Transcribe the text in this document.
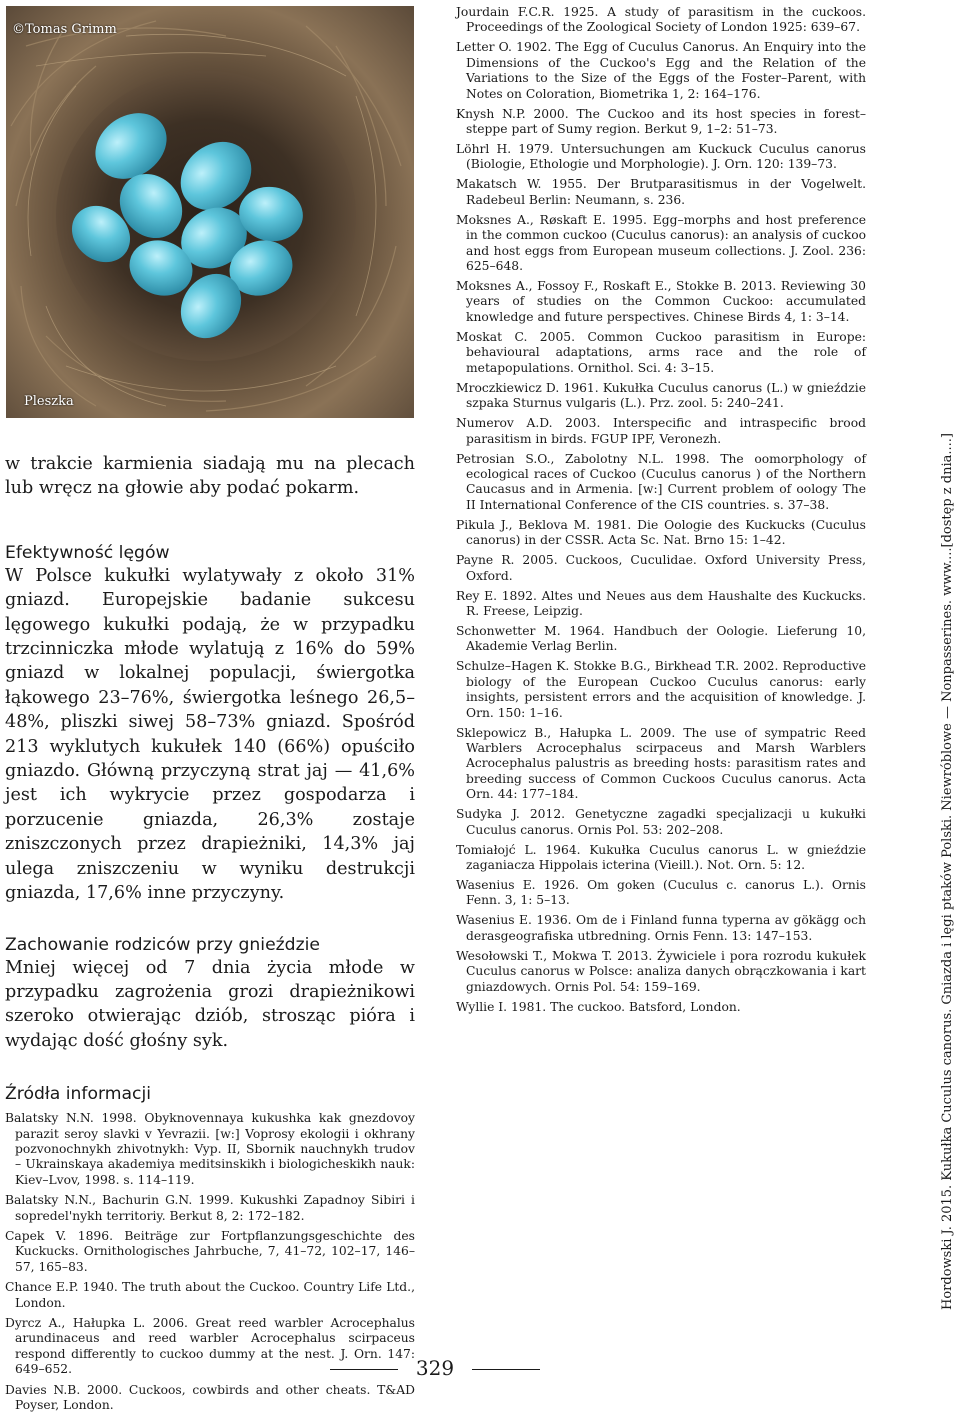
©Tomas Grimm
Pleszka

w trakcie karmienia siadają mu na plecach lub wręcz na głowie aby podać pokarm.

Efektywność lęgów

W Polsce kukułki wylatywały z około 31% gniazd. Europejskie badanie sukcesu lęgowego kukułki podają, że w przypadku trzcinniczka młode wylatują z 16% do 59% gniazd w lokalnej populacji, świergotka łąkowego 23–76%, świergotka leśnego 26,5–48%, pliszki siwej 58–73% gniazd. Spośród 213 wyklutych kukułek 140 (66%) opuściło gniazdo. Główną przyczyną strat jaj — 41,6% jest ich wykrycie przez gospodarza i porzucenie gniazda, 26,3% zostaje zniszczonych przez drapieżniki, 14,3% jaj ulega zniszczeniu w wyniku destrukcji gniazda, 17,6% inne przyczyny.

Zachowanie rodziców przy gnieździe

Mniej więcej od 7 dnia życia młode w przypadku zagrożenia grozi drapieżnikowi szeroko otwierając dziób, strosząc pióra i wydając dość głośny syk.

Źródła informacji

Balatsky N.N. 1998. Obyknovennaya kukushka kak gnezdovoy parazit seroy slavki v Yevrazii. [w:] Voprosy ekologii i okhrany pozvonochnykh zhivotnykh: Vyp. II, Sbornik nauchnykh trudov – Ukrainskaya akademiya meditsinskikh i biologicheskikh nauk: Kiev–Lvov, 1998. s. 114–119.

Balatsky N.N., Bachurin G.N. 1999. Kukushki Zapadnoy Sibiri i sopredel'nykh territoriy. Berkut 8, 2: 172–182.

Capek V. 1896. Beiträge zur Fortpflanzungsgeschichte des Kuckucks. Ornithologisches Jahrbuche, 7, 41–72, 102–17, 146–57, 165–83.

Chance E.P. 1940. The truth about the Cuckoo. Country Life Ltd., London.

Dyrcz A., Hałupka L. 2006. Great reed warbler Acrocephalus arundinaceus and reed warbler Acrocephalus scirpaceus respond differently to cuckoo dummy at the nest. J. Orn. 147: 649–652.

Davies N.B. 2000. Cuckoos, cowbirds and other cheats. T&AD Poyser, London.

Jourdain F.C.R. 1925. A study of parasitism in the cuckoos. Proceedings of the Zoological Society of London 1925: 639–67.

Letter O. 1902. The Egg of Cuculus Canorus. An Enquiry into the Dimensions of the Cuckoo's Egg and the Relation of the Variations to the Size of the Eggs of the Foster–Parent, with Notes on Coloration, Biometrika 1, 2: 164–176.

Knysh N.P. 2000. The Cuckoo and its host species in forest–steppe part of Sumy region. Berkut 9, 1–2: 51–73.

Löhrl H. 1979. Untersuchungen am Kuckuck Cuculus canorus (Biologie, Ethologie und Morphologie). J. Orn. 120: 139–73.

Makatsch W. 1955. Der Brutparasitismus in der Vogelwelt. Radebeul Berlin: Neumann, s. 236.

Moksnes A., Røskaft E. 1995. Egg–morphs and host preference in the common cuckoo (Cuculus canorus): an analysis of cuckoo and host eggs from European museum collections. J. Zool. 236: 625–648.

Moksnes A., Fossoy F., Roskaft E., Stokke B. 2013. Reviewing 30 years of studies on the Common Cuckoo: accumulated knowledge and future perspectives. Chinese Birds 4, 1: 3–14.

Moskat C. 2005. Common Cuckoo parasitism in Europe: behavioural adaptations, arms race and the role of metapopulations. Ornithol. Sci. 4: 3–15.

Mroczkiewicz D. 1961. Kukułka Cuculus canorus (L.) w gnieździe szpaka Sturnus vulgaris (L.). Prz. zool. 5: 240–241.

Numerov A.D. 2003. Interspecific and intraspecific brood parasitism in birds. FGUP IPF, Veronezh.

Petrosian S.O., Zabolotny N.L. 1998. The oomorphology of ecological races of Cuckoo (Cuculus canorus ) of the Northern Caucasus and in Armenia. [w:] Current problem of oology The II International Conference of the CIS countries. s. 37–38.

Pikula J., Beklova M. 1981. Die Oologie des Kuckucks (Cuculus canorus) in der CSSR. Acta Sc. Nat. Brno 15: 1–42.

Payne R. 2005. Cuckoos, Cuculidae. Oxford University Press, Oxford.

Rey E. 1892. Altes und Neues aus dem Haushalte des Kuckucks. R. Freese, Leipzig.

Schonwetter M. 1964. Handbuch der Oologie. Lieferung 10, Akademie Verlag Berlin.

Schulze–Hagen K. Stokke B.G., Birkhead T.R. 2002. Reproductive biology of the European Cuckoo Cuculus canorus: early insights, persistent errors and the acquisition of knowledge. J. Orn. 150: 1–16.

Sklepowicz B., Hałupka L. 2009. The use of sympatric Reed Warblers Acrocephalus scirpaceus and Marsh Warblers Acrocephalus palustris as breeding hosts: parasitism rates and breeding success of Common Cuckoos Cuculus canorus. Acta Orn. 44: 177–184.

Sudyka J. 2012. Genetyczne zagadki specjalizacji u kukułki Cuculus canorus. Ornis Pol. 53: 202–208.

Tomiałojć L. 1964. Kukułka Cuculus canorus L. w gnieździe zaganiacza Hippolais icterina (Vieill.). Not. Orn. 5: 12.

Wasenius E. 1926. Om goken (Cuculus c. canorus L.). Ornis Fenn. 3, 1: 5–13.

Wasenius E. 1936. Om de i Finland funna typerna av gökägg och derasgeografiska utbredning. Ornis Fenn. 13: 147–153.

Wesołowski T., Mokwa T. 2013. Żywiciele i pora rozrodu kukułek Cuculus canorus w Polsce: analiza danych obrączkowania i kart gniazdowych. Ornis Pol. 54: 159–169.

Wyllie I. 1981. The cuckoo. Batsford, London.	Hordowski J. 2015. Kukułka Cuculus canorus. Gniazda i lęgi ptaków Polski. Niewróblowe — Nonpasserines. www....[dostęp z dnia....]
329
